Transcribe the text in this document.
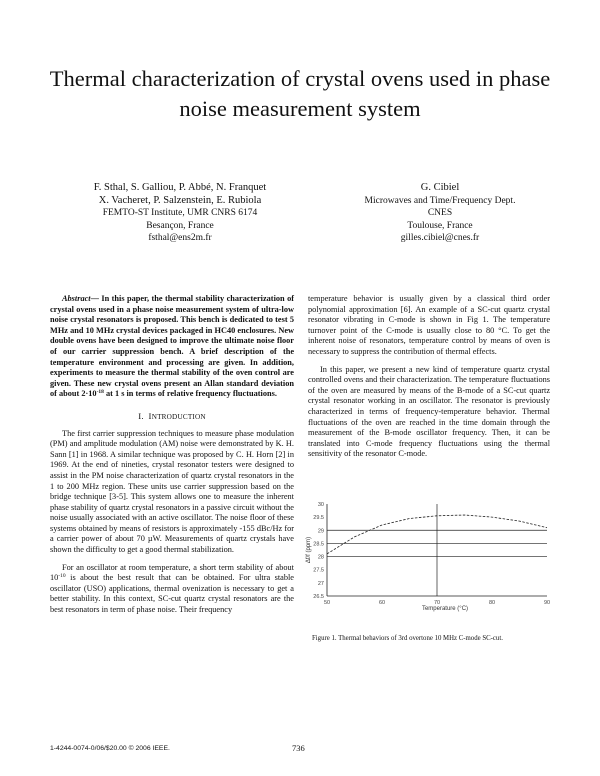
Thermal characterization of crystal ovens used in phase noise measurement system
F. Sthal, S. Galliou, P. Abbé, N. Franquet
X. Vacheret, P. Salzenstein, E. Rubiola
FEMTO-ST Institute, UMR CNRS 6174
Besançon, France
fsthal@ens2m.fr
G. Cibiel
Microwaves and Time/Frequency Dept.
CNES
Toulouse, France
gilles.cibiel@cnes.fr

Abstract— In this paper, the thermal stability characterization of crystal ovens used in a phase noise measurement system of ultra-low noise crystal resonators is proposed. This bench is dedicated to test 5 MHz and 10 MHz crystal devices packaged in HC40 enclosures. New double ovens have been designed to improve the ultimate noise floor of our carrier suppression bench. A brief description of the temperature environment and processing are given. In addition, experiments to measure the thermal stability of the oven control are given. These new crystal ovens present an Allan standard deviation of about $2\cdot 10^{-18}$ at 1 s in terms of relative frequency fluctuations.

I. INTRODUCTION

The first carrier suppression techniques to measure phase modulation (PM) and amplitude modulation (AM) noise were demonstrated by K. H. Sann [1] in 1968. A similar technique was proposed by C. H. Horn [2] in 1969. At the end of nineties, crystal resonator testers were designed to assist in the PM noise characterization of quartz crystal resonators in the 1 to 200 MHz region. These units use carrier suppression based on the bridge technique [3-5]. This system allows one to measure the inherent phase stability of quartz crystal resonators in a passive circuit without the noise usually associated with an active oscillator. The noise floor of these systems obtained by means of resistors is approximately -155 dBc/Hz for a carrier power of about 70 µW. Measurements of quartz crystals have shown the difficulty to get a good thermal stabilization.

For an oscillator at room temperature, a short term stability of about $10^{-10}$ is about the best result that can be obtained. For ultra stable oscillator (USO) applications, thermal ovenization is necessary to get a better stability. In this context, SC-cut quartz crystal resonators are the best resonators in term of phase noise. Their frequency

temperature behavior is usually given by a classical third order polynomial approximation [6]. An example of a SC-cut quartz crystal resonator vibrating in C-mode is shown in Fig 1. The temperature turnover point of the C-mode is usually close to 80 °C. To get the inherent noise of resonators, temperature control by means of oven is necessary to suppress the contribution of thermal effects.

In this paper, we present a new kind of temperature quartz crystal controlled ovens and their characterization. The temperature fluctuations of the oven are measured by means of the B-mode of a SC-cut quartz crystal resonator working in an oscillator. The resonator is previously characterized in terms of frequency-temperature behavior. Thermal fluctuations of the oven are reached in the time domain through the measurement of the B-mode oscillator frequency. Then, it can be translated into C-mode frequency fluctuations using the thermal sensitivity of the resonator C-mode.

30
29.5
29
28.5
28
27.5
27
26.5
50	60	70	80	90
Temperature (°C)
Δf/f (ppm)
Figure 1. Thermal behaviors of 3rd overtone 10 MHz C-mode SC-cut.
1-4244-0074-0/06/$20.00 © 2006 IEEE.	736
